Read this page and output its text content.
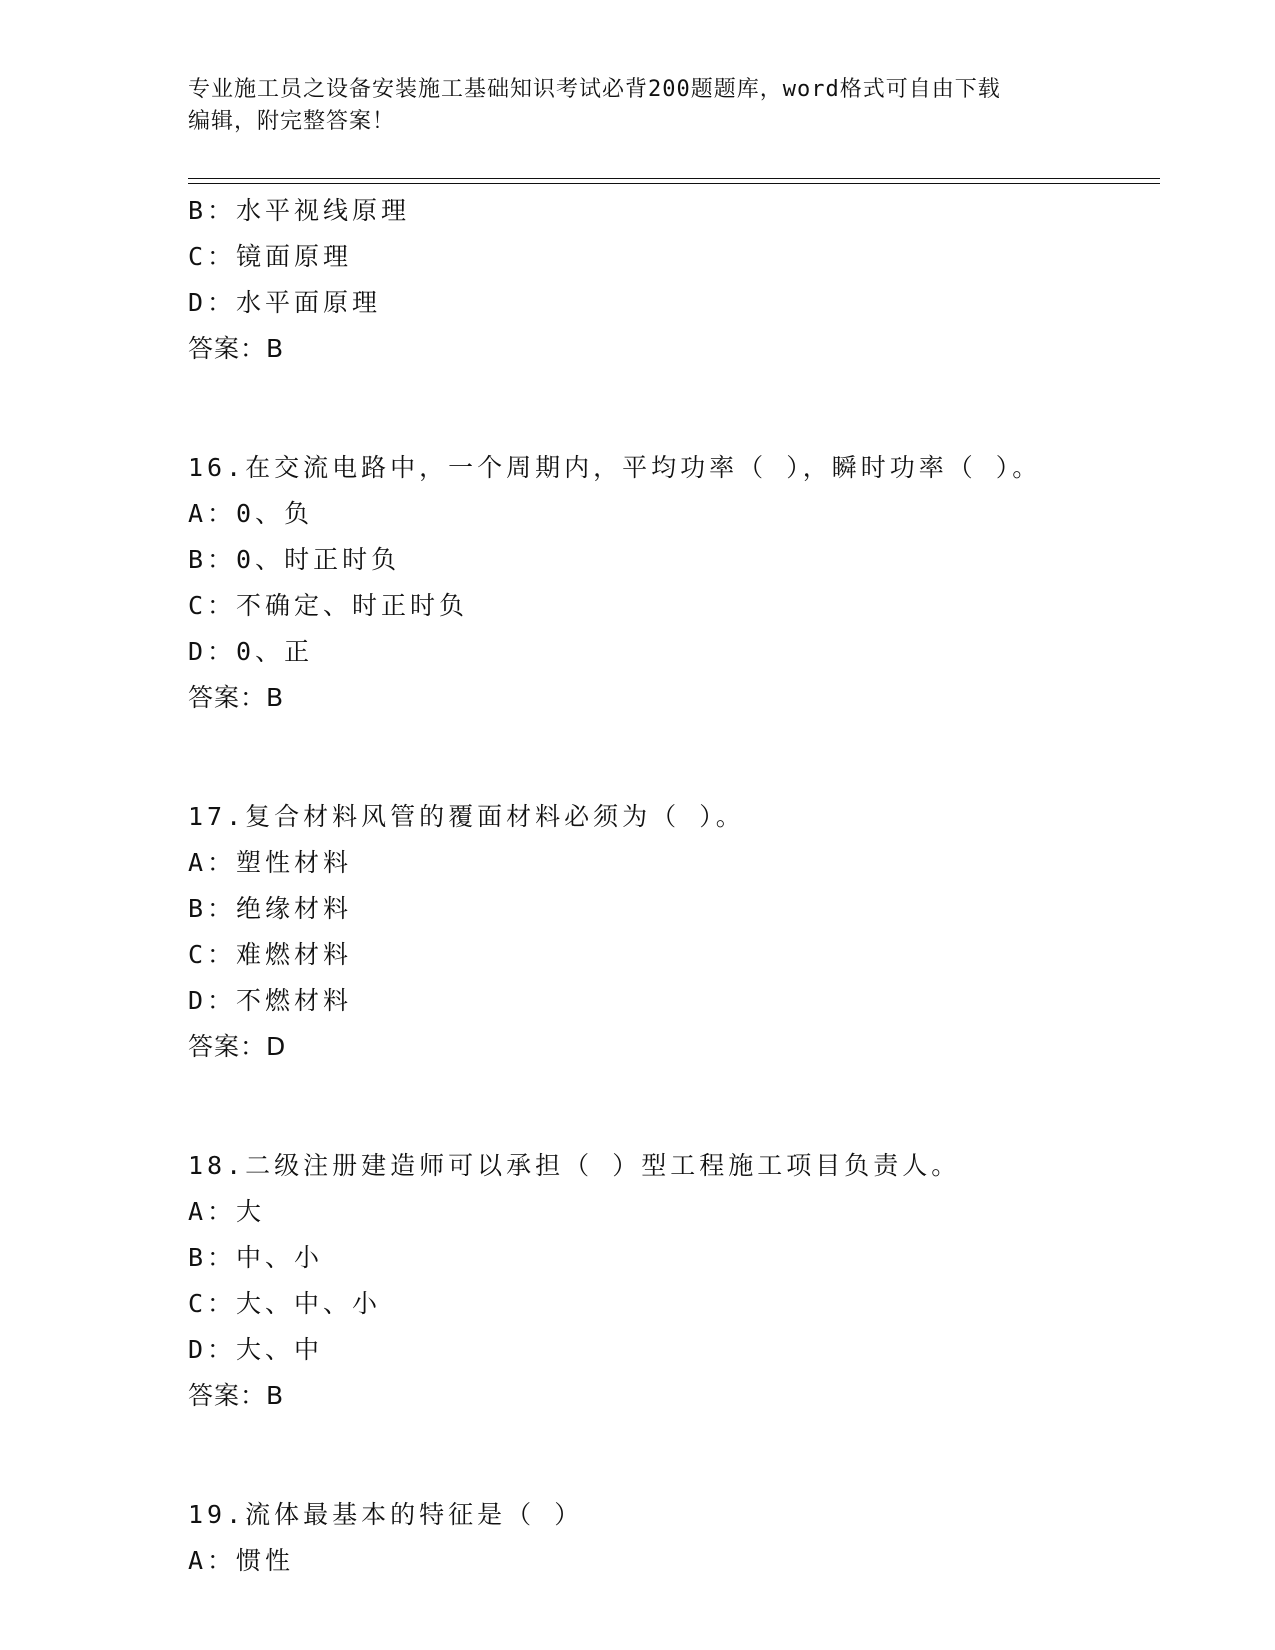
专业施工员之设备安装施工基础知识考试必背200题题库，word格式可自由下载
编辑，附完整答案！
B：水平视线原理
C：镜面原理
D：水平面原理
答案：B
16.在交流电路中，一个周期内，平均功率（ ），瞬时功率（ ）。
A：0、负
B：0、时正时负
C：不确定、时正时负
D：0、正
答案：B
17.复合材料风管的覆面材料必须为（ ）。
A：塑性材料
B：绝缘材料
C：难燃材料
D：不燃材料
答案：D
18.二级注册建造师可以承担（ ）型工程施工项目负责人。
A：大
B：中、小
C：大、中、小
D：大、中
答案：B
19.流体最基本的特征是（ ）
A：惯性
